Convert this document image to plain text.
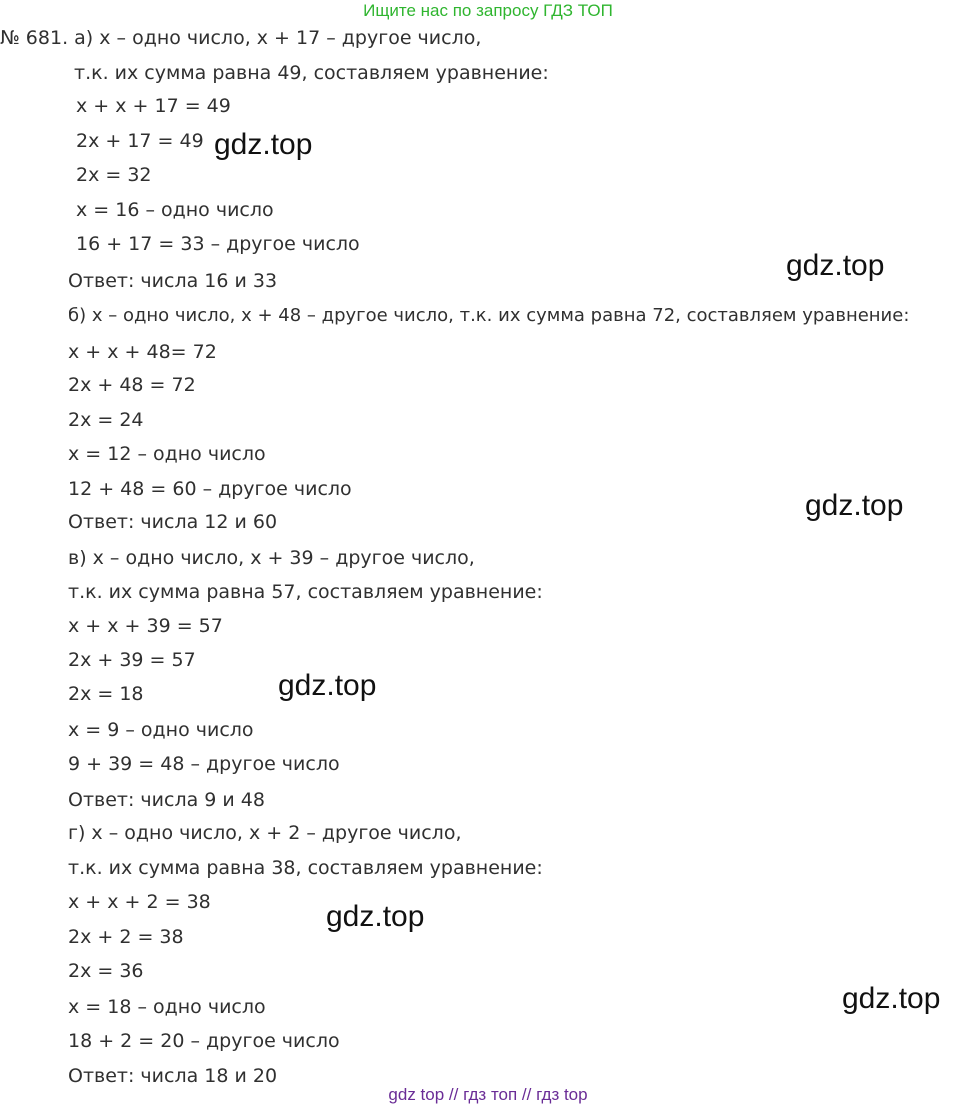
Ищите нас по запросу ГДЗ ТОП
№ 681. а) x – одно число, x + 17 – другое число,
т.к. их сумма равна 49, составляем уравнение:
x + x + 17 = 49
2x + 17 = 49
2x = 32
x = 16 – одно число
16 + 17 = 33 – другое число
Ответ: числа 16 и 33
б) x – одно число, x + 48 – другое число, т.к. их сумма равна 72, составляем уравнение:
x + x + 48= 72
2x + 48 = 72
2x = 24
x = 12 – одно число
12 + 48 = 60 – другое число
Ответ: числа 12 и 60
в) x – одно число, x + 39 – другое число,
т.к. их сумма равна 57, составляем уравнение:
x + x + 39 = 57
2x + 39 = 57
2x = 18
x = 9 – одно число
9 + 39 = 48 – другое число
Ответ: числа 9 и 48
г) x – одно число, x + 2 – другое число,
т.к. их сумма равна 38, составляем уравнение:
x + x + 2 = 38
2x + 2 = 38
2x = 36
x = 18 – одно число
18 + 2 = 20 – другое число
Ответ: числа 18 и 20
gdz.top
gdz.top
gdz.top
gdz.top
gdz.top
gdz.top
gdz top // гдз топ // гдз top
